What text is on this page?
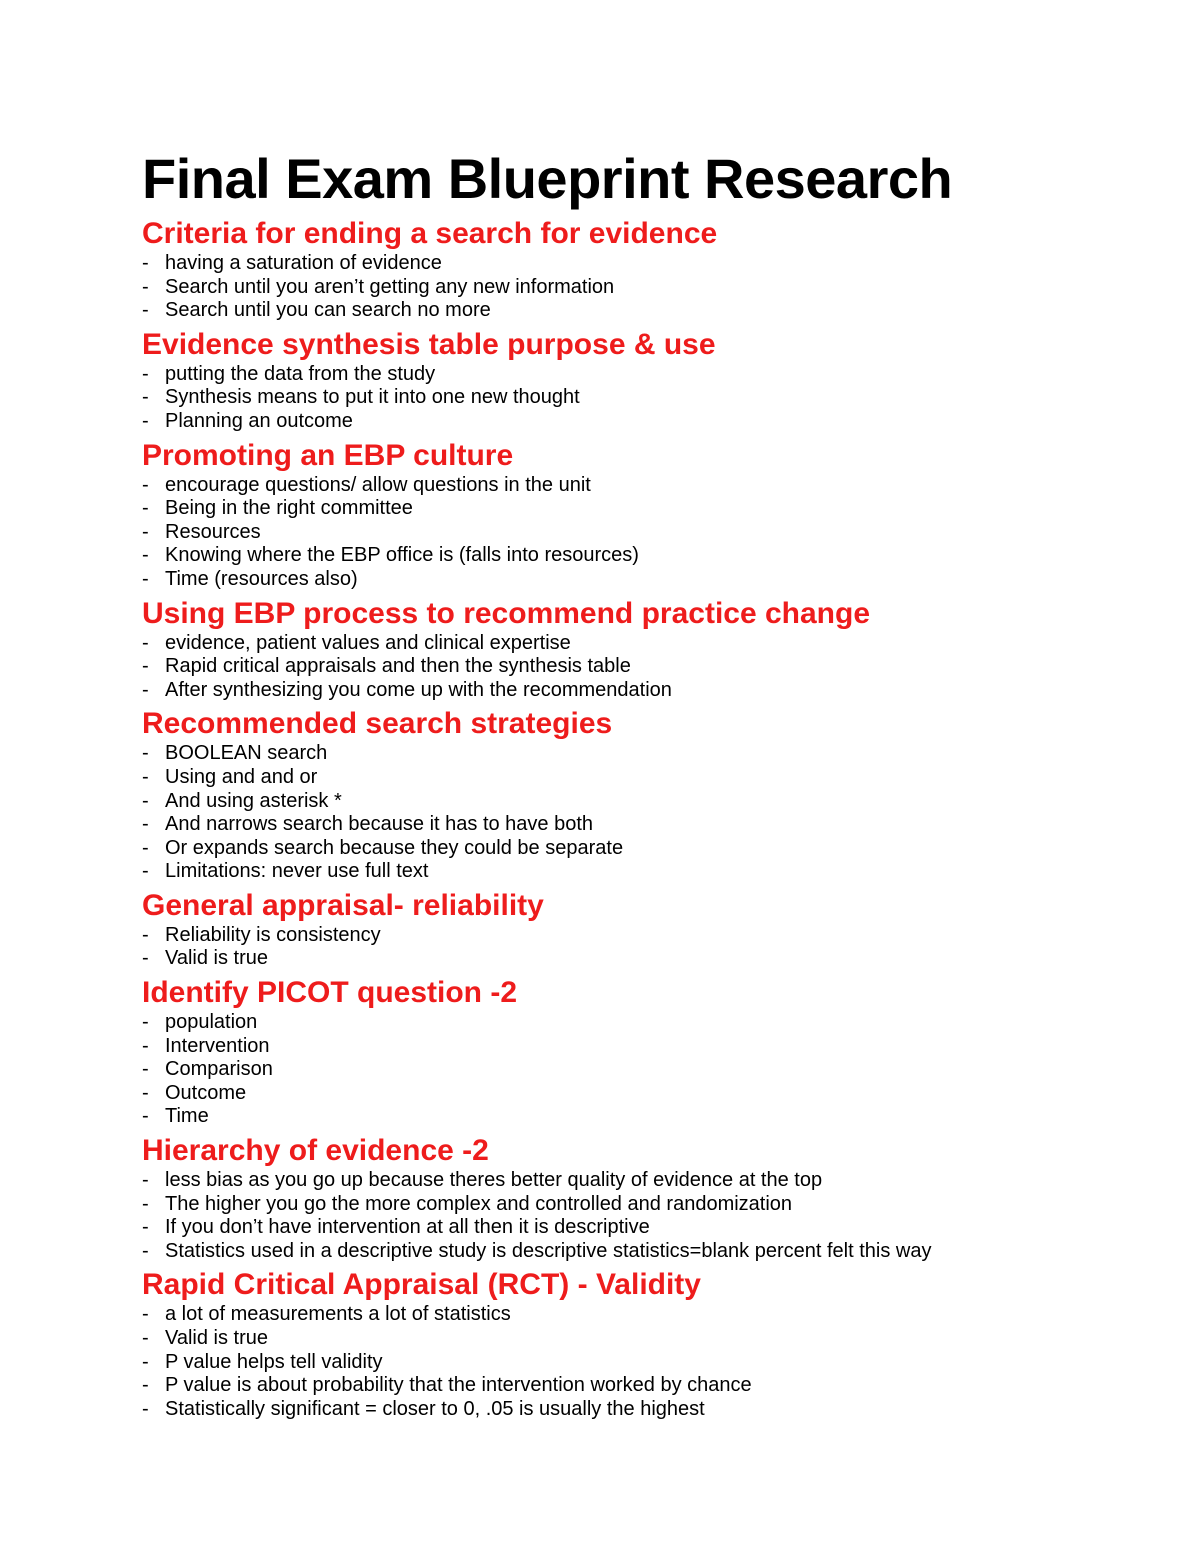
Final Exam Blueprint Research
Criteria for ending a search for evidence
- having a saturation of evidence
- Search until you aren’t getting any new information
- Search until you can search no more
Evidence synthesis table purpose & use
- putting the data from the study
- Synthesis means to put it into one new thought
- Planning an outcome
Promoting an EBP culture
- encourage questions/ allow questions in the unit
- Being in the right committee
- Resources
- Knowing where the EBP office is (falls into resources)
- Time (resources also)
Using EBP process to recommend practice change
- evidence, patient values and clinical expertise
- Rapid critical appraisals and then the synthesis table
- After synthesizing you come up with the recommendation
Recommended search strategies
- BOOLEAN search
- Using and and or
- And using asterisk *
- And narrows search because it has to have both
- Or expands search because they could be separate
- Limitations: never use full text
General appraisal- reliability
- Reliability is consistency
- Valid is true
Identify PICOT question -2
- population
- Intervention
- Comparison
- Outcome
- Time
Hierarchy of evidence -2
- less bias as you go up because theres better quality of evidence at the top
- The higher you go the more complex and controlled and randomization
- If you don’t have intervention at all then it is descriptive
- Statistics used in a descriptive study is descriptive statistics=blank percent felt this way
Rapid Critical Appraisal (RCT) - Validity
- a lot of measurements a lot of statistics
- Valid is true
- P value helps tell validity
- P value is about probability that the intervention worked by chance
- Statistically significant = closer to 0, .05 is usually the highest
